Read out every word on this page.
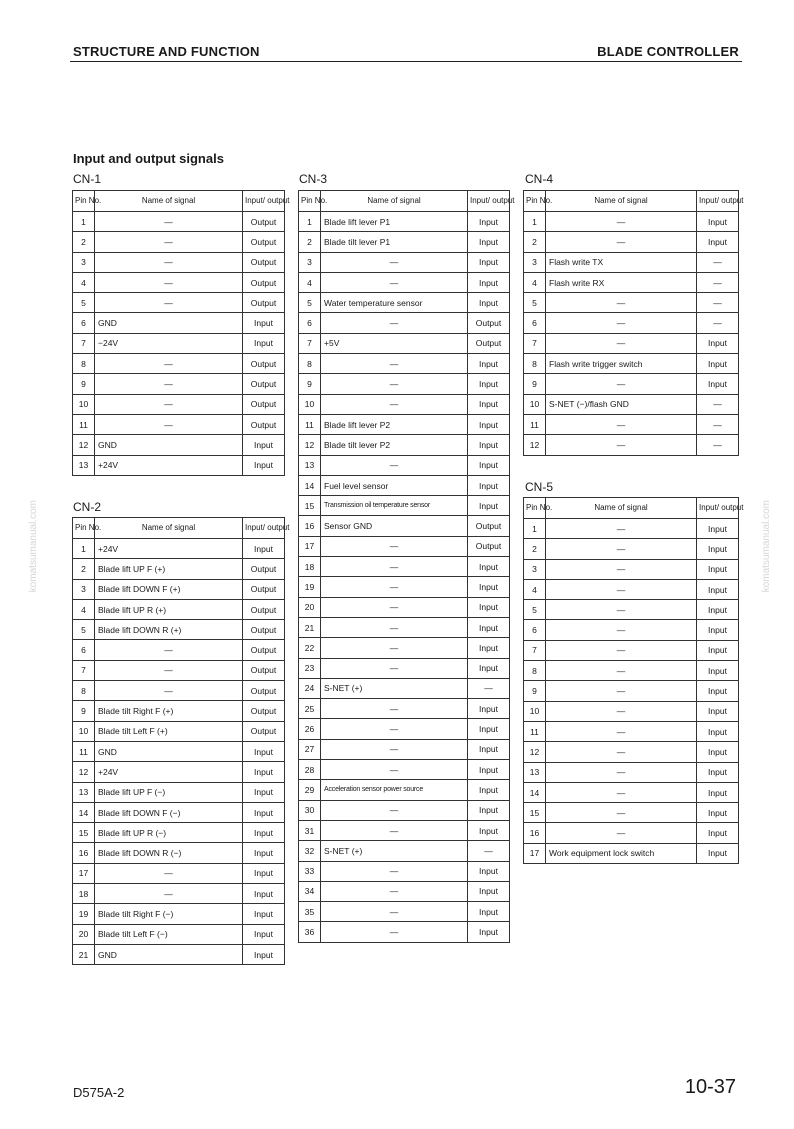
STRUCTURE AND FUNCTION	BLADE CONTROLLER
Input and output signals
CN-1
Pin No.	Name of signal	Input/ output
1	—	Output
2	—	Output
3	—	Output
4	—	Output
5	—	Output
6	GND	Input
7	−24V	Input
8	—	Output
9	—	Output
10	—	Output
11	—	Output
12	GND	Input
13	+24V	Input
CN-2
Pin No.	Name of signal	Input/ output
1	+24V	Input
2	Blade lift UP F (+)	Output
3	Blade lift DOWN F (+)	Output
4	Blade lift UP R (+)	Output
5	Blade lift DOWN R (+)	Output
6	—	Output
7	—	Output
8	—	Output
9	Blade tilt Right F (+)	Output
10	Blade tilt Left F (+)	Output
11	GND	Input
12	+24V	Input
13	Blade lift UP F (−)	Input
14	Blade lift DOWN F (−)	Input
15	Blade lift UP R (−)	Input
16	Blade lift DOWN R (−)	Input
17	—	Input
18	—	Input
19	Blade tilt Right F (−)	Input
20	Blade tilt Left F (−)	Input
21	GND	Input
CN-3
Pin No.	Name of signal	Input/ output
1	Blade lift lever P1	Input
2	Blade tilt lever P1	Input
3	—	Input
4	—	Input
5	Water temperature sensor	Input
6	—	Output
7	+5V	Output
8	—	Input
9	—	Input
10	—	Input
11	Blade lift lever P2	Input
12	Blade tilt lever P2	Input
13	—	Input
14	Fuel level sensor	Input
15	Transmission oil temperature sensor	Input
16	Sensor GND	Output
17	—	Output
18	—	Input
19	—	Input
20	—	Input
21	—	Input
22	—	Input
23	—	Input
24	S-NET (+)	—
25	—	Input
26	—	Input
27	—	Input
28	—	Input
29	Acceleration sensor power source	Input
30	—	Input
31	—	Input
32	S-NET (+)	—
33	—	Input
34	—	Input
35	—	Input
36	—	Input
CN-4
Pin No.	Name of signal	Input/ output
1	—	Input
2	—	Input
3	Flash write TX	—
4	Flash write RX	—
5	—	—
6	—	—
7	—	Input
8	Flash write trigger switch	Input
9	—	Input
10	S-NET (−)/flash GND	—
11	—	—
12	—	—
CN-5
Pin No.	Name of signal	Input/ output
1	—	Input
2	—	Input
3	—	Input
4	—	Input
5	—	Input
6	—	Input
7	—	Input
8	—	Input
9	—	Input
10	—	Input
11	—	Input
12	—	Input
13	—	Input
14	—	Input
15	—	Input
16	—	Input
17	Work equipment lock switch	Input
komatsumanual.com	komatsumanual.com
D575A-2	10-37
